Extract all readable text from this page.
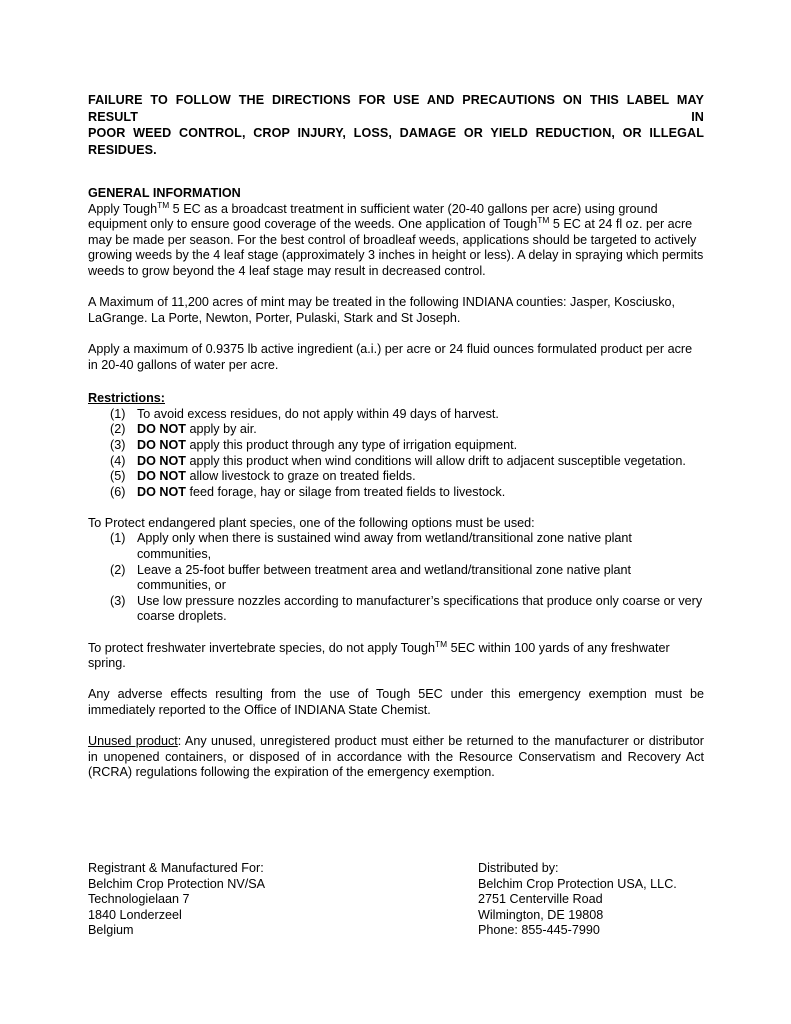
FAILURE TO FOLLOW THE DIRECTIONS FOR USE AND PRECAUTIONS ON THIS LABEL MAY RESULT IN
POOR WEED CONTROL, CROP INJURY, LOSS, DAMAGE OR YIELD REDUCTION, OR ILLEGAL RESIDUES.
GENERAL INFORMATION

Apply Tough™ 5 EC as a broadcast treatment in sufficient water (20-40 gallons per acre) using ground equipment only to ensure good coverage of the weeds. One application of Tough™ 5 EC at 24 fl oz. per acre may be made per season. For the best control of broadleaf weeds, applications should be targeted to actively growing weeds by the 4 leaf stage (approximately 3 inches in height or less). A delay in spraying which permits weeds to grow beyond the 4 leaf stage may result in decreased control.

A Maximum of 11,200 acres of mint may be treated in the following INDIANA counties: Jasper, Kosciusko, LaGrange. La Porte, Newton, Porter, Pulaski, Stark and St Joseph.

Apply a maximum of 0.9375 lb active ingredient (a.i.) per acre or 24 fluid ounces formulated product per acre in 20-40 gallons of water per acre.

Restrictions:
(1) To avoid excess residues, do not apply within 49 days of harvest.
(2) DO NOT apply by air.
(3) DO NOT apply this product through any type of irrigation equipment.
(4) DO NOT apply this product when wind conditions will allow drift to adjacent susceptible vegetation.
(5) DO NOT allow livestock to graze on treated fields.
(6) DO NOT feed forage, hay or silage from treated fields to livestock.

To Protect endangered plant species, one of the following options must be used:

(1) Apply only when there is sustained wind away from wetland/transitional zone native plant communities,
(2) Leave a 25-foot buffer between treatment area and wetland/transitional zone native plant communities, or
(3) Use low pressure nozzles according to manufacturer’s specifications that produce only coarse or very coarse droplets.

To protect freshwater invertebrate species, do not apply Tough™ 5EC within 100 yards of any freshwater spring.

Any adverse effects resulting from the use of Tough 5EC under this emergency exemption must be immediately reported to the Office of INDIANA State Chemist.

Unused product: Any unused, unregistered product must either be returned to the manufacturer or distributor in unopened containers, or disposed of in accordance with the Resource Conservatism and Recovery Act (RCRA) regulations following the expiration of the emergency exemption.

Registrant & Manufactured For:
Belchim Crop Protection NV/SA
Technologielaan 7
1840 Londerzeel
Belgium
Distributed by:
Belchim Crop Protection USA, LLC.
2751 Centerville Road
Wilmington, DE 19808
Phone: 855-445-7990
